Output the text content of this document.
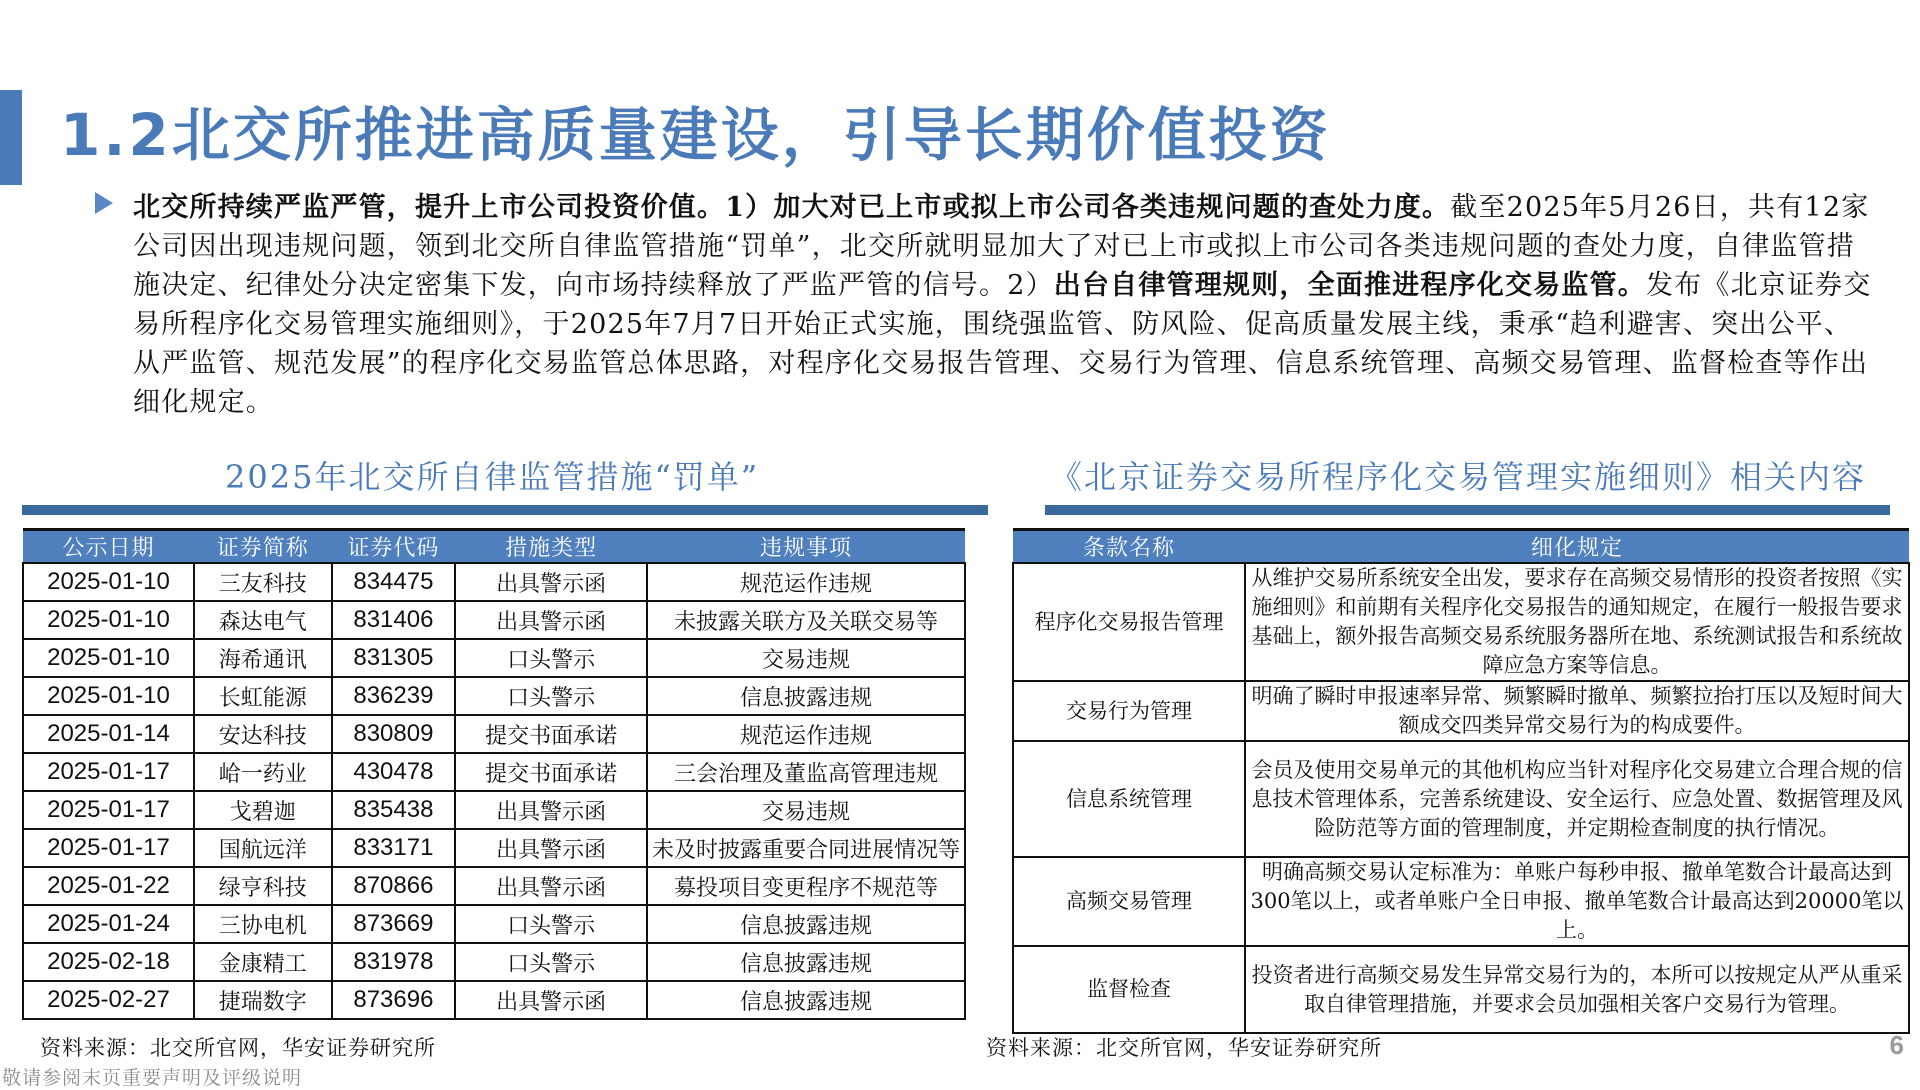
1.2北交所推进高质量建设，引导长期价值投资
北交所持续严监严管，提升上市公司投资价值。1）加大对已上市或拟上市公司各类违规问题的查处力度。截至2025年5月26日，共有12家公司因出现违规问题，领到北交所自律监管措施“罚单”，北交所就明显加大了对已上市或拟上市公司各类违规问题的查处力度，自律监管措施决定、纪律处分决定密集下发，向市场持续释放了严监严管的信号。2）出台自律管理规则，全面推进程序化交易监管。发布《北京证券交易所程序化交易管理实施细则》，于2025年7月7日开始正式实施，围绕强监管、防风险、促高质量发展主线，秉承“趋利避害、突出公平、从严监管、规范发展”的程序化交易监管总体思路，对程序化交易报告管理、交易行为管理、信息系统管理、高频交易管理、监督检查等作出细化规定。
2025年北交所自律监管措施“罚单”	《北京证券交易所程序化交易管理实施细则》相关内容
公示日期	证券简称	证券代码	措施类型	违规事项
2025-01-10	三友科技	834475	出具警示函	规范运作违规
2025-01-10	森达电气	831406	出具警示函	未披露关联方及关联交易等
2025-01-10	海希通讯	831305	口头警示	交易违规
2025-01-10	长虹能源	836239	口头警示	信息披露违规
2025-01-14	安达科技	830809	提交书面承诺	规范运作违规
2025-01-17	峆一药业	430478	提交书面承诺	三会治理及董监高管理违规
2025-01-17	戈碧迦	835438	出具警示函	交易违规
2025-01-17	国航远洋	833171	出具警示函	未及时披露重要合同进展情况等
2025-01-22	绿亨科技	870866	出具警示函	募投项目变更程序不规范等
2025-01-24	三协电机	873669	口头警示	信息披露违规
2025-02-18	金康精工	831978	口头警示	信息披露违规
2025-02-27	捷瑞数字	873696	出具警示函	信息披露违规
资料来源：北交所官网，华安证券研究所
条款名称	细化规定
程序化交易报告管理	从维护交易所系统安全出发，要求存在高频交易情形的投资者按照《实施细则》和前期有关程序化交易报告的通知规定，在履行一般报告要求基础上，额外报告高频交易系统服务器所在地、系统测试报告和系统故障应急方案等信息。
交易行为管理	明确了瞬时申报速率异常、频繁瞬时撤单、频繁拉抬打压以及短时间大额成交四类异常交易行为的构成要件。
信息系统管理	会员及使用交易单元的其他机构应当针对程序化交易建立合理合规的信息技术管理体系，完善系统建设、安全运行、应急处置、数据管理及风险防范等方面的管理制度，并定期检查制度的执行情况。
高频交易管理	明确高频交易认定标准为：单账户每秒申报、撤单笔数合计最高达到300笔以上，或者单账户全日申报、撤单笔数合计最高达到20000笔以上。
监督检查	投资者进行高频交易发生异常交易行为的，本所可以按规定从严从重采取自律管理措施，并要求会员加强相关客户交易行为管理。
资料来源：北交所官网，华安证券研究所
敬请参阅末页重要声明及评级说明
6
